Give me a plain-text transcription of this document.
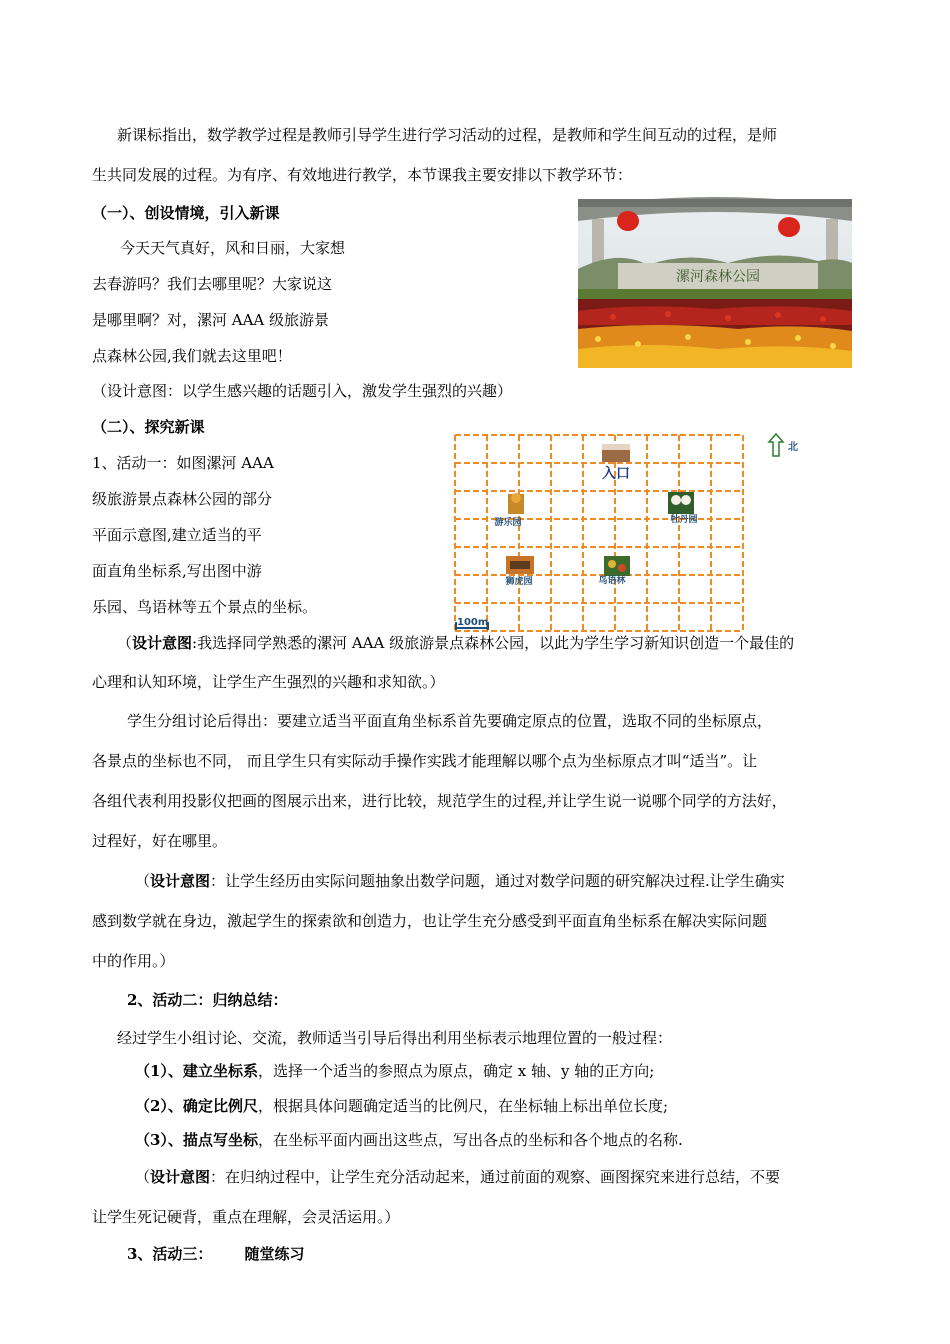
新课标指出，数学教学过程是教师引导学生进行学习活动的过程，是教师和学生间互动的过程，是师
生共同发展的过程。为有序、有效地进行教学，本节课我主要安排以下教学环节：
（一）、创设情境，引入新课
今天天气真好，风和日丽，大家想
去春游吗？我们去哪里呢？大家说这
是哪里啊？对，漯河 AAA 级旅游景
点森林公园,我们就去这里吧！
（设计意图：以学生感兴趣的话题引入，激发学生强烈的兴趣）
漯河森林公园
（二）、探究新课
1、活动一：如图漯河 AAA
级旅游景点森林公园的部分
平面示意图,建立适当的平
面直角坐标系,写出图中游
乐园、鸟语林等五个景点的坐标。
北
入口
游乐园	牡丹园
狮虎园	鸟语林
100m
（设计意图:我选择同学熟悉的漯河 AAA 级旅游景点森林公园，以此为学生学习新知识创造一个最佳的
心理和认知环境，让学生产生强烈的兴趣和求知欲。）
学生分组讨论后得出：要建立适当平面直角坐标系首先要确定原点的位置，选取不同的坐标原点，
各景点的坐标也不同， 而且学生只有实际动手操作实践才能理解以哪个点为坐标原点才叫“适当”。让
各组代表利用投影仪把画的图展示出来，进行比较，规范学生的过程,并让学生说一说哪个同学的方法好，
过程好，好在哪里。
（设计意图：让学生经历由实际问题抽象出数学问题，通过对数学问题的研究解决过程.让学生确实
感到数学就在身边，激起学生的探索欲和创造力，也让学生充分感受到平面直角坐标系在解决实际问题
中的作用。）
2、活动二：归纳总结：
经过学生小组讨论、交流，教师适当引导后得出利用坐标表示地理位置的一般过程：
（1）、建立坐标系，选择一个适当的参照点为原点，确定 x 轴、y 轴的正方向;
（2）、确定比例尺，根据具体问题确定适当的比例尺，在坐标轴上标出单位长度;
（3）、描点写坐标，在坐标平面内画出这些点，写出各点的坐标和各个地点的名称.
（设计意图：在归纳过程中，让学生充分活动起来，通过前面的观察、画图探究来进行总结，不要
让学生死记硬背，重点在理解，会灵活运用。）
3、活动三： 随堂练习
